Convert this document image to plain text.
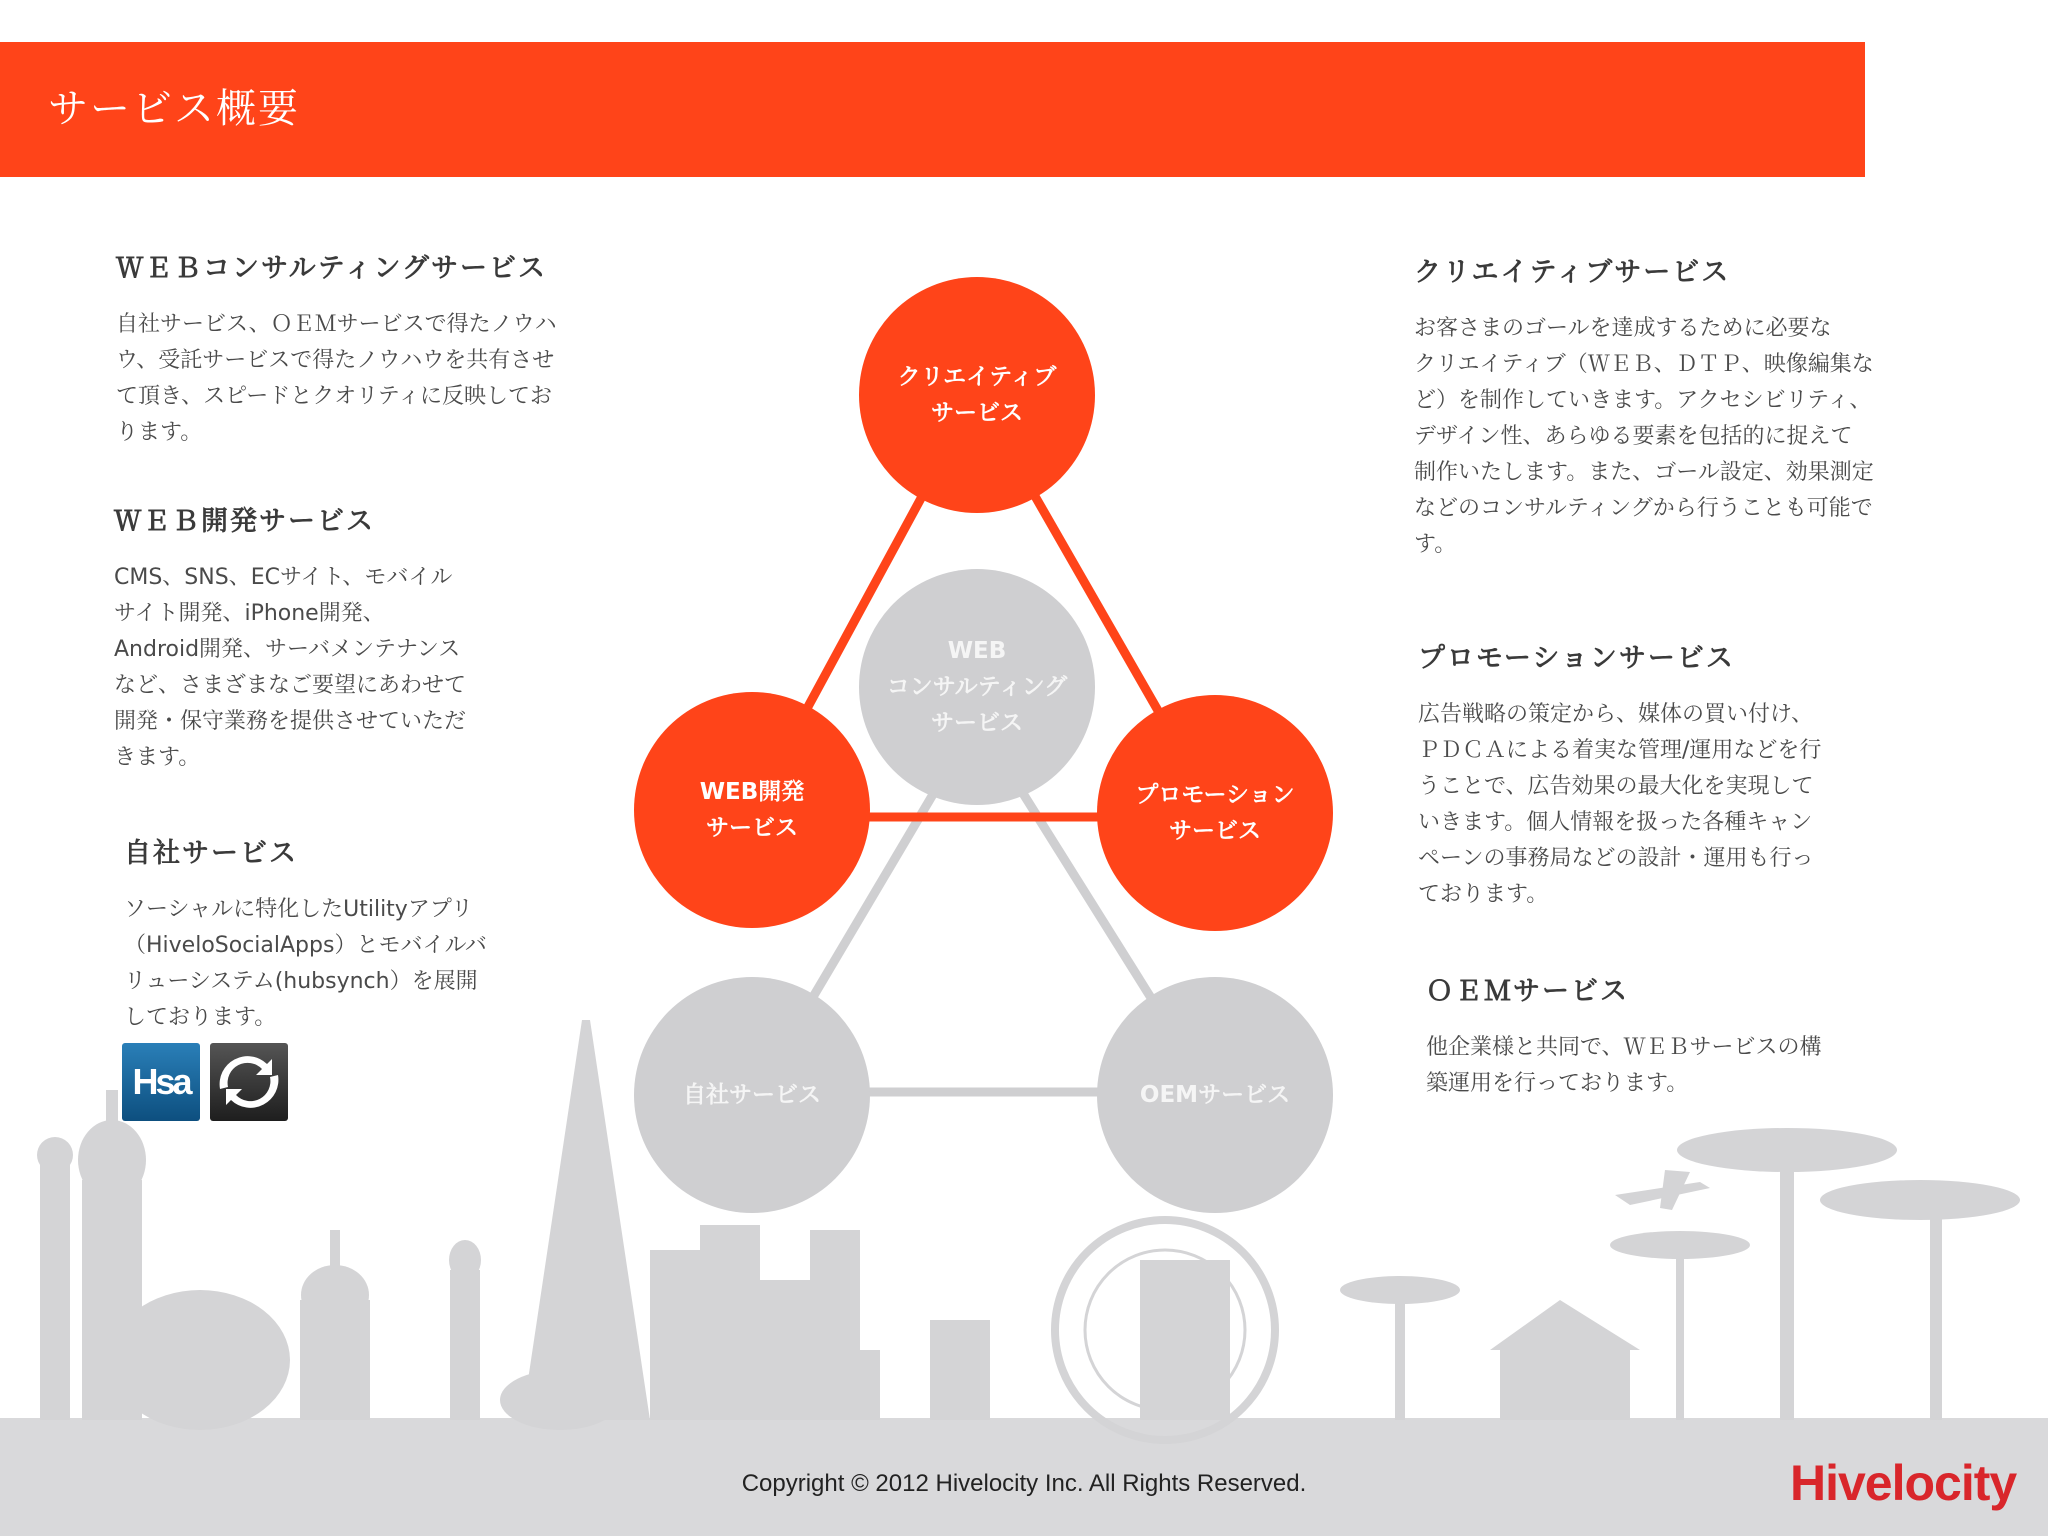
サービス概要
ＷＥＢコンサルティングサービス

自社サービス、ＯＥＭサービスで得たノウハ
ウ、受託サービスで得たノウハウを共有させ
て頂き、スピードとクオリティに反映してお
ります。

ＷＥＢ開発サービス

CMS、SNS、ECサイト、モバイル
サイト開発、iPhone開発、
Android開発、サーバメンテナンス
など、さまざまなご要望にあわせて
開発・保守業務を提供させていただ
きます。

自社サービス

ソーシャルに特化したUtilityアプリ
（HiveloSocialApps）とモバイルバ
リューシステム(hubsynch）を展開
しております。

Hsa
クリエイティブサービス

お客さまのゴールを達成するために必要な
クリエイティブ（ＷＥＢ、ＤＴＰ、映像編集な
ど）を制作していきます。アクセシビリティ、
デザイン性、あらゆる要素を包括的に捉えて
制作いたします。また、ゴール設定、効果測定
などのコンサルティングから行うことも可能で
す。

プロモーションサービス

広告戦略の策定から、媒体の買い付け、
ＰＤＣＡによる着実な管理/運用などを行
うことで、広告効果の最大化を実現して
いきます。個人情報を扱った各種キャン
ペーンの事務局などの設計・運用も行っ
ております。

ＯＥＭサービス

他企業様と共同で、ＷＥＢサービスの構
築運用を行っております。

クリエイティブ
サービス
WEB
コンサルティング
サービス
WEB開発
サービス
プロモーション
サービス
自社サービス	OEMサービス
Copyright © 2012 Hivelocity Inc. All Rights Reserved.	Hivelocity
